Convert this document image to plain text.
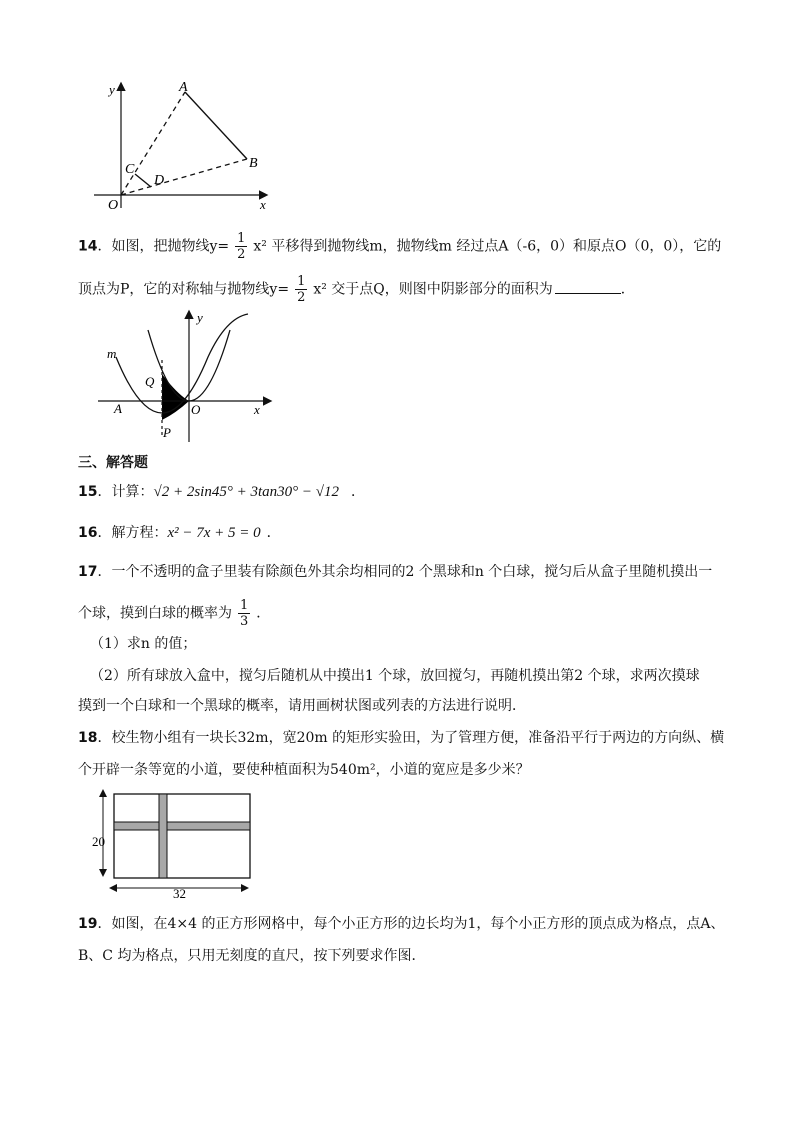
y	A
B
C
D
O	x
14．如图，把抛物线$y= \frac{1}{2} x^2$ 平移得到抛物线m，抛物线m 经过点A（-6，0）和原点O（0，0），它的
顶点为P，它的对称轴与抛物线$y= \frac{1}{2} x^2$ 交于点Q，则图中阴影部分的面积为	．
m
y
Q
A	O	x
P
三、解答题
15．计算：√2 + 2sin45° + 3tan30° − √12 ．
16．解方程：x² − 7x + 5 = 0 ．
17．一个不透明的盒子里装有除颜色外其余均相同的2 个黑球和n 个白球，搅匀后从盒子里随机摸出一
个球，摸到白球的概率为 $\frac{1}{3}$ ．
（1）求n 的值；
（2）所有球放入盒中，搅匀后随机从中摸出1 个球，放回搅匀，再随机摸出第2 个球，求两次摸球
摸到一个白球和一个黑球的概率，请用画树状图或列表的方法进行说明．
18．校生物小组有一块长32m，宽20m 的矩形实验田，为了管理方便，准备沿平行于两边的方向纵、横
个开辟一条等宽的小道，要使种植面积为540m²，小道的宽应是多少米？
20
32
19．如图，在4×4 的正方形网格中，每个小正方形的边长均为1，每个小正方形的顶点成为格点，点A、
B、C 均为格点，只用无刻度的直尺，按下列要求作图．
